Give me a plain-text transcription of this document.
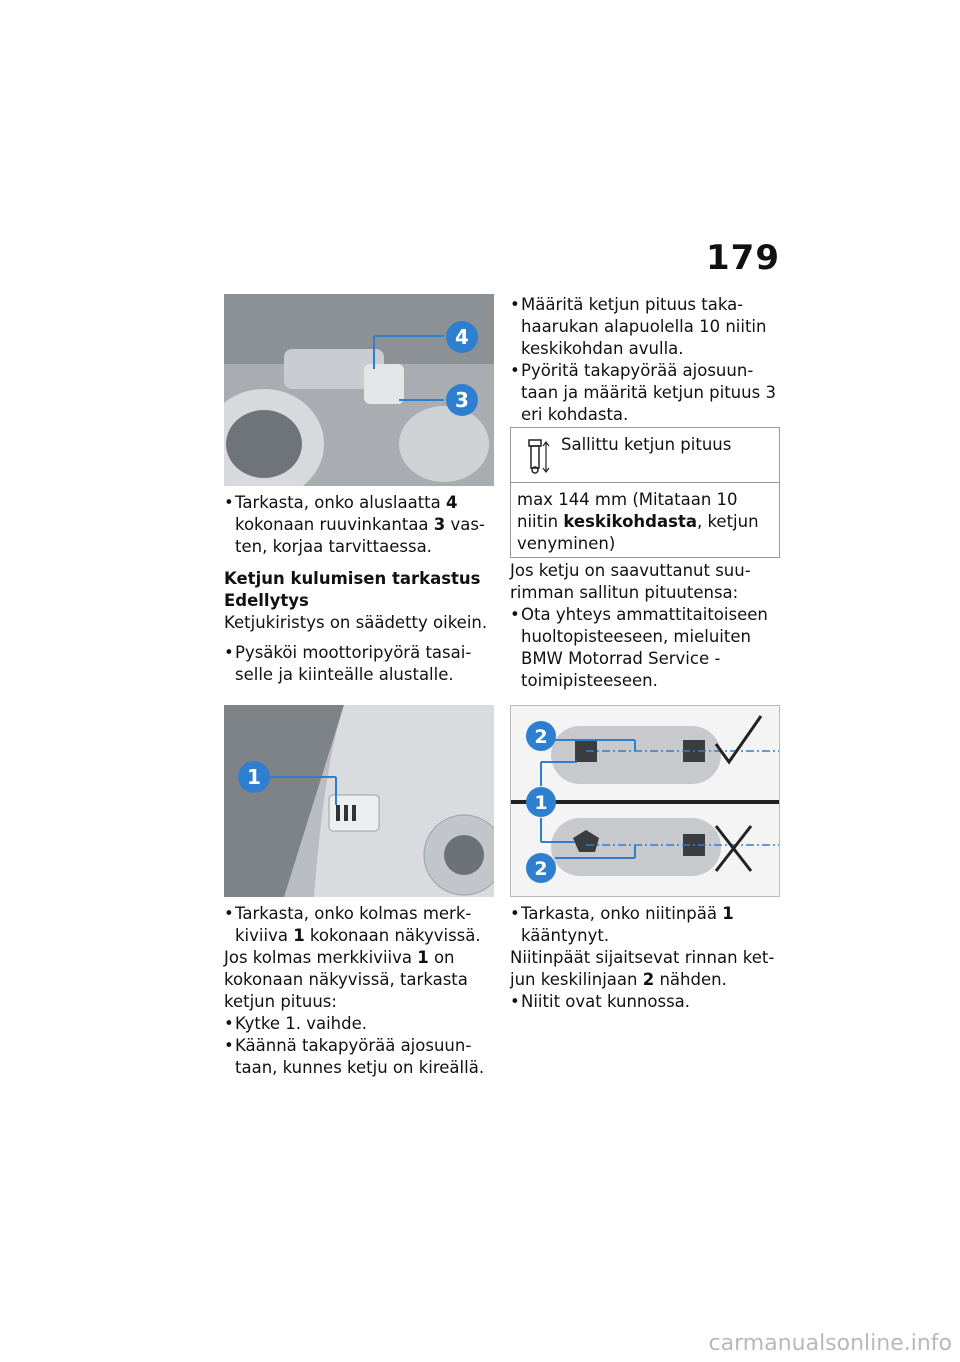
179
4
3

• Tarkasta, onko aluslaatta 4 kokonaan ruuvinkantaa 3 vasten, korjaa tarvittaessa.

Ketjun kulumisen tarkastus

Edellytys

Ketjukiristys on säädetty oikein.

• Pysäköi moottoripyörä tasaiselle ja kiinteälle alustalle.

• Määritä ketjun pituus takahaarukan alapuolella 10 niitin keskikohdan avulla.

• Pyöritä takapyörää ajosuuntaan ja määritä ketjun pituus 3 eri kohdasta.

Sallittu ketjun pituus
max 144 mm (Mitataan 10 niitin keskikohdasta, ketjun venyminen)

Jos ketju on saavuttanut suurimman sallitun pituutensa:

• Ota yhteys ammattitaitoiseen huoltopisteeseen, mieluiten BMW Motorrad Service -toimipisteeseen.

1
2
1
2

• Tarkasta, onko kolmas merkkiviiva 1 kokonaan näkyvissä.

Jos kolmas merkkiviiva 1 on kokonaan näkyvissä, tarkasta ketjun pituus:

• Kytke 1. vaihde.

• Käännä takapyörää ajosuuntaan, kunnes ketju on kireällä.

• Tarkasta, onko niitinpää 1 kääntynyt.

Niitinpäät sijaitsevat rinnan ketjun keskilinjaan 2 nähden.

• Niitit ovat kunnossa.

carmanualsonline.info
